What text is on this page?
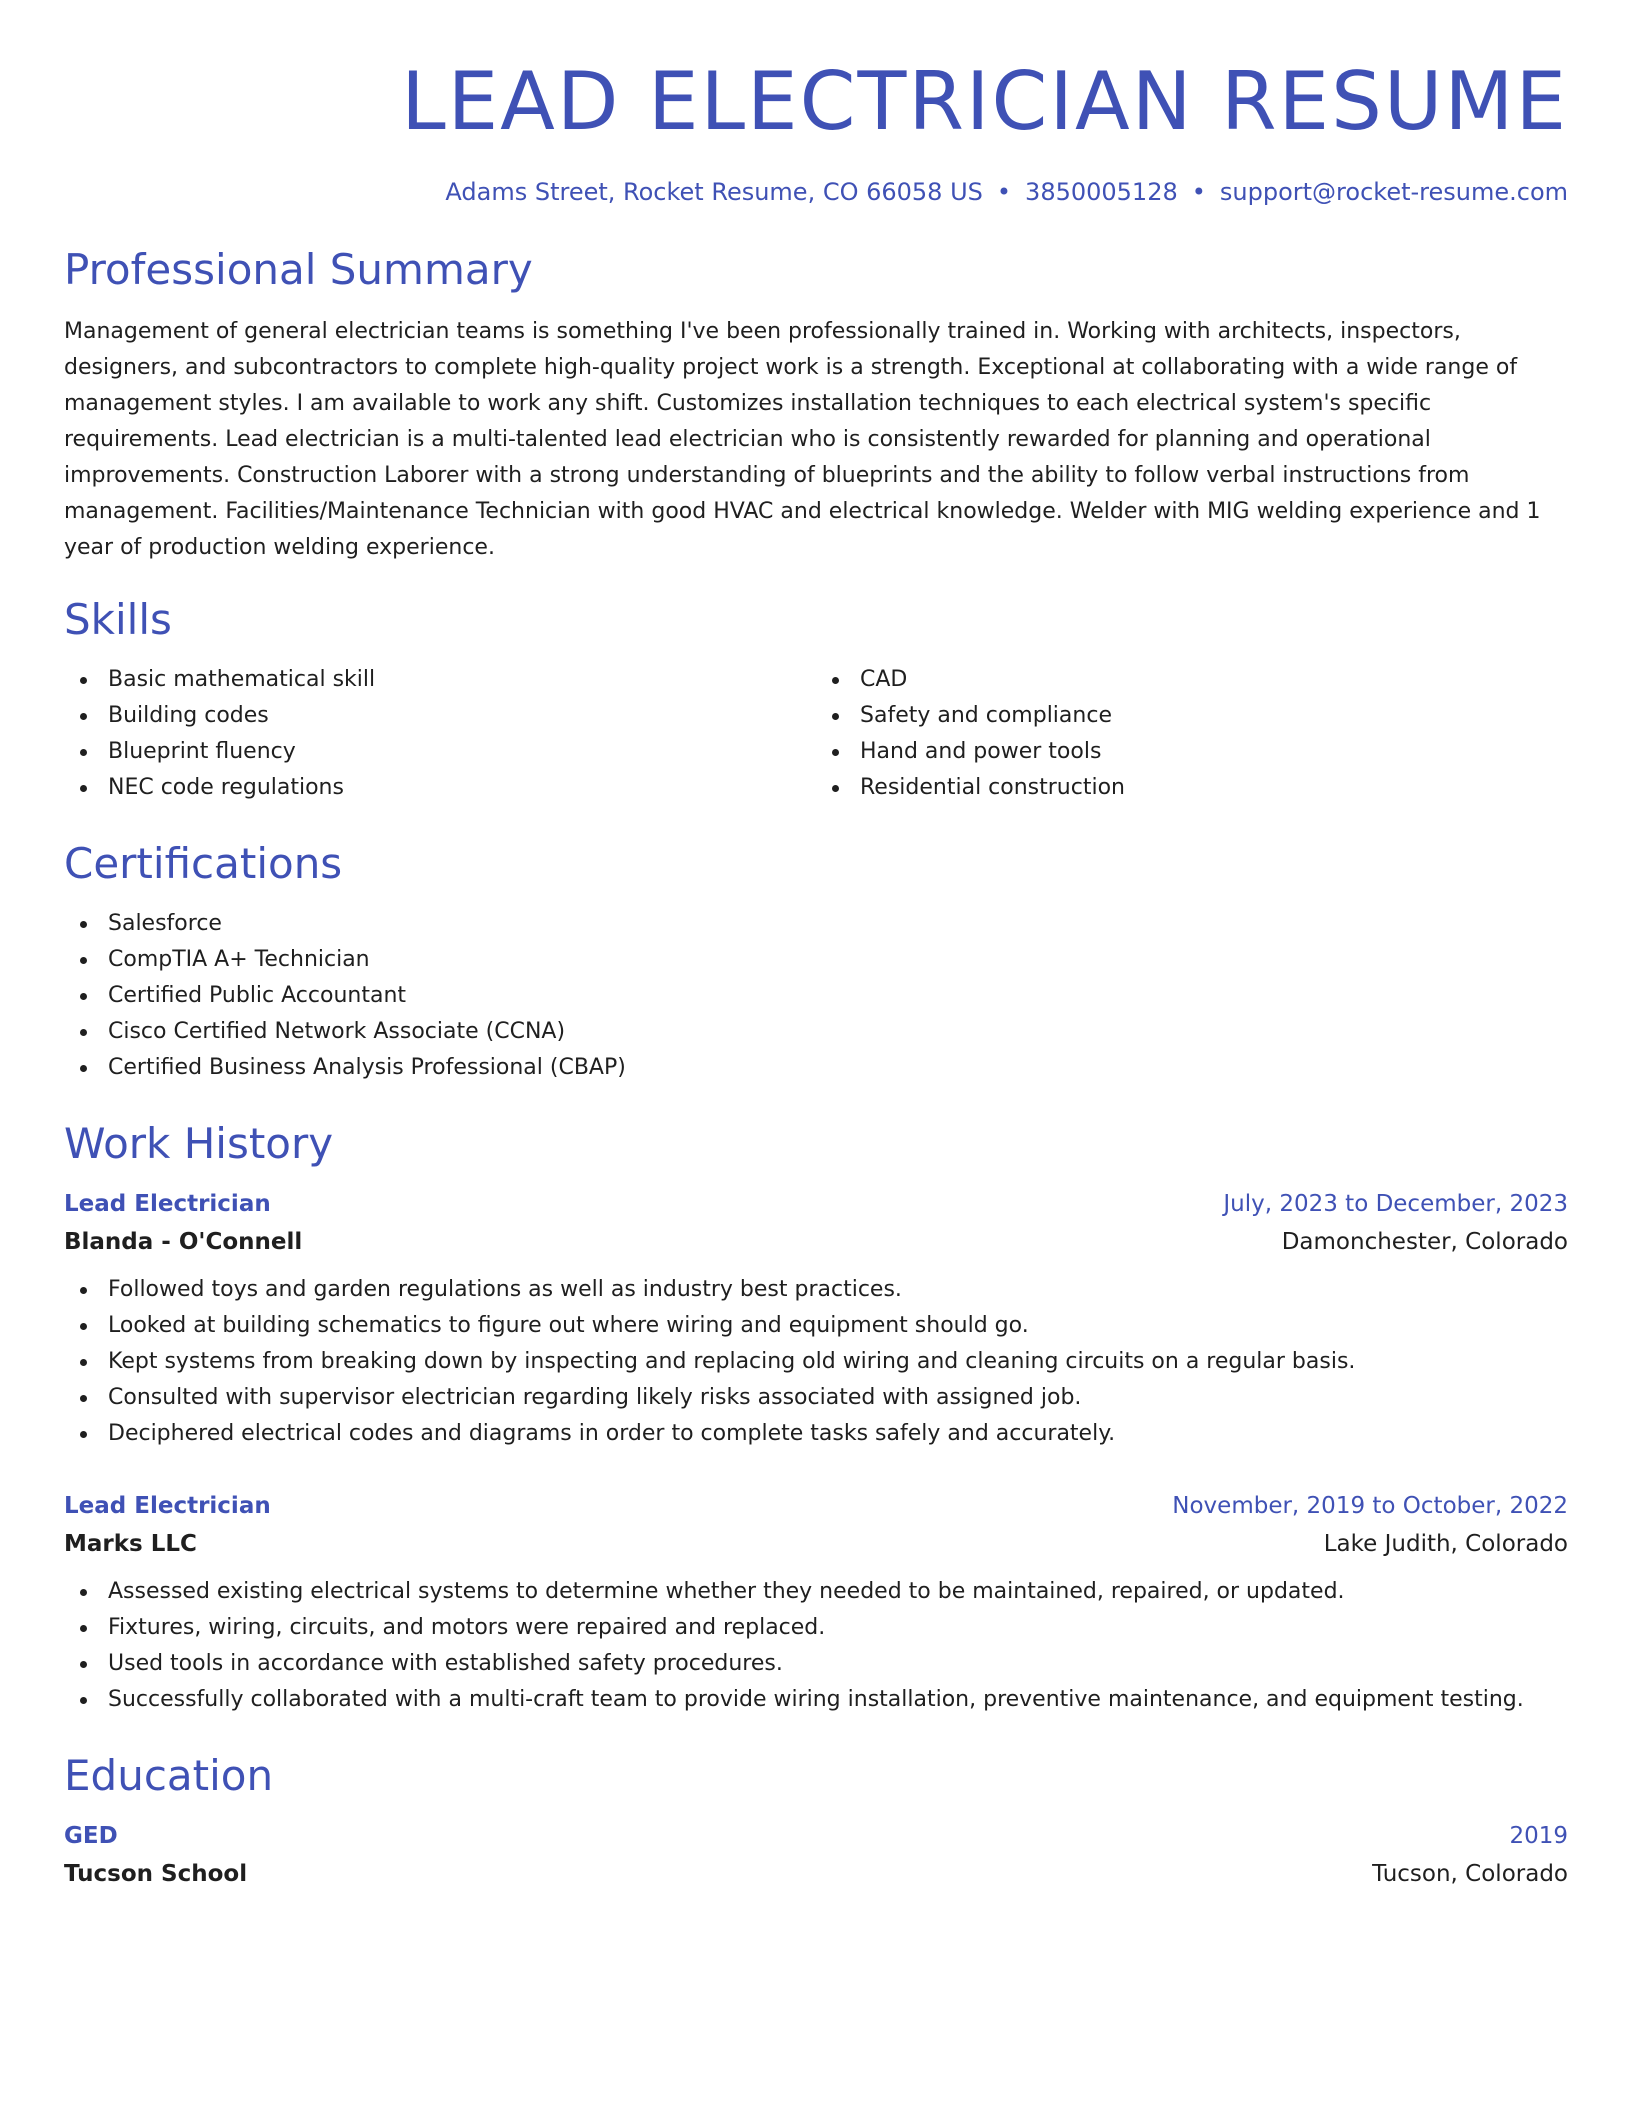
LEAD ELECTRICIAN RESUME
Adams Street, Rocket Resume, CO 66058 US • 3850005128 • support@rocket-resume.com
Professional Summary

Management of general electrician teams is something I've been professionally trained in. Working with architects, inspectors, designers, and subcontractors to complete high-quality project work is a strength. Exceptional at collaborating with a wide range of management styles. I am available to work any shift. Customizes installation techniques to each electrical system's specific requirements. Lead electrician is a multi-talented lead electrician who is consistently rewarded for planning and operational improvements. Construction Laborer with a strong understanding of blueprints and the ability to follow verbal instructions from management. Facilities/Maintenance Technician with good HVAC and electrical knowledge. Welder with MIG welding experience and 1 year of production welding experience.

Skills
Basic mathematical skill
Building codes
Blueprint fluency
NEC code regulations
CAD
Safety and compliance
Hand and power tools
Residential construction
Certifications
Salesforce
CompTIA A+ Technician
Certified Public Accountant
Cisco Certified Network Associate (CCNA)
Certified Business Analysis Professional (CBAP)
Work History
Lead Electrician	July, 2023 to December, 2023
Blanda - O'Connell	Damonchester, Colorado
Followed toys and garden regulations as well as industry best practices.
Looked at building schematics to figure out where wiring and equipment should go.
Kept systems from breaking down by inspecting and replacing old wiring and cleaning circuits on a regular basis.
Consulted with supervisor electrician regarding likely risks associated with assigned job.
Deciphered electrical codes and diagrams in order to complete tasks safely and accurately.
Lead Electrician	November, 2019 to October, 2022
Marks LLC	Lake Judith, Colorado
Assessed existing electrical systems to determine whether they needed to be maintained, repaired, or updated.
Fixtures, wiring, circuits, and motors were repaired and replaced.
Used tools in accordance with established safety procedures.
Successfully collaborated with a multi-craft team to provide wiring installation, preventive maintenance, and equipment testing.
Education
GED	2019
Tucson School	Tucson, Colorado
